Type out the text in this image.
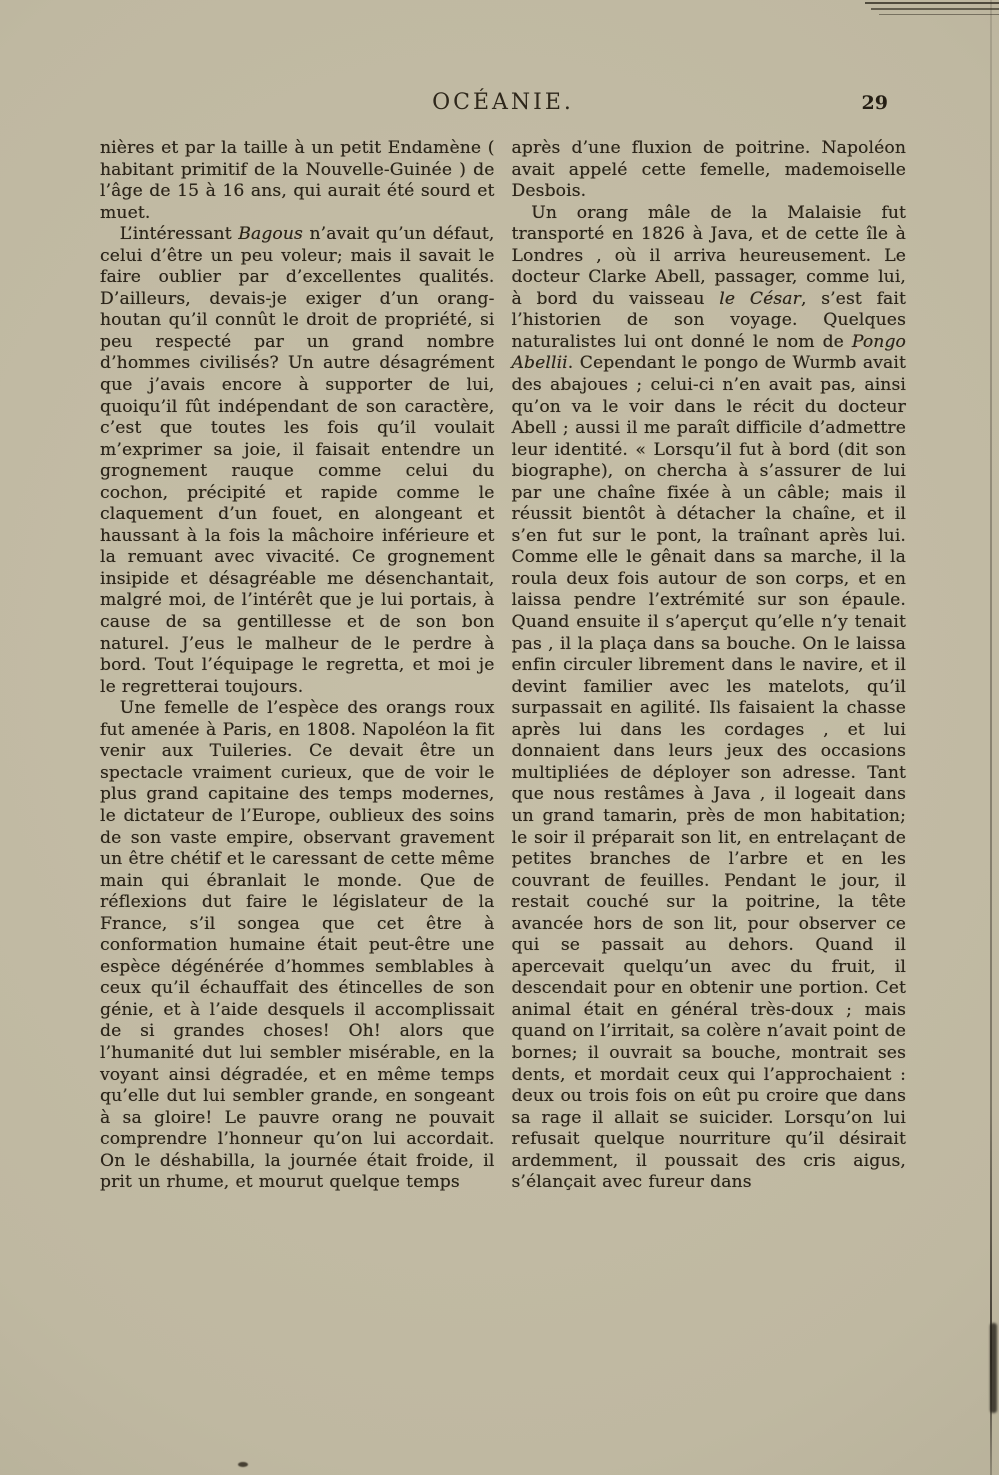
OCÉANIE.	29

nières et par la taille à un petit Endamène ( habitant primitif de la Nouvelle-Guinée ) de l’âge de 15 à 16 ans, qui aurait été sourd et muet.

L’intéressant Bagous n’avait qu’un défaut, celui d’être un peu voleur; mais il savait le faire oublier par d’excellentes qualités. D’ailleurs, devais-je exiger d’un orang-houtan qu’il connût le droit de propriété, si peu respecté par un grand nombre d’hommes civilisés? Un autre désagrément que j’avais encore à supporter de lui, quoiqu’il fût indépendant de son caractère, c’est que toutes les fois qu’il voulait m’exprimer sa joie, il faisait entendre un grognement rauque comme celui du cochon, précipité et rapide comme le claquement d’un fouet, en alongeant et haussant à la fois la mâchoire inférieure et la remuant avec vivacité. Ce grognement insipide et désagréable me désenchantait, malgré moi, de l’intérêt que je lui portais, à cause de sa gentillesse et de son bon naturel. J’eus le malheur de le perdre à bord. Tout l’équipage le regretta, et moi je le regretterai toujours.

Une femelle de l’espèce des orangs roux fut amenée à Paris, en 1808. Napoléon la fit venir aux Tuileries. Ce devait être un spectacle vraiment curieux, que de voir le plus grand capitaine des temps modernes, le dictateur de l’Europe, oublieux des soins de son vaste empire, observant gravement un être chétif et le caressant de cette même main qui ébranlait le monde. Que de réflexions dut faire le législateur de la France, s’il songea que cet être à conformation humaine était peut-être une espèce dégénérée d’hommes semblables à ceux qu’il échauffait des étincelles de son génie, et à l’aide desquels il accomplissait de si grandes choses! Oh! alors que l’humanité dut lui sembler misérable, en la voyant ainsi dégradée, et en même temps qu’elle dut lui sembler grande, en songeant à sa gloire! Le pauvre orang ne pouvait comprendre l’honneur qu’on lui accordait. On le déshabilla, la journée était froide, il prit un rhume, et mourut quelque temps

après d’une fluxion de poitrine. Napoléon avait appelé cette femelle, mademoiselle Desbois.

Un orang mâle de la Malaisie fut transporté en 1826 à Java, et de cette île à Londres , où il arriva heureusement. Le docteur Clarke Abell, passager, comme lui, à bord du vaisseau le César, s’est fait l’historien de son voyage. Quelques naturalistes lui ont donné le nom de Pongo Abellii. Cependant le pongo de Wurmb avait des abajoues ; celui-ci n’en avait pas, ainsi qu’on va le voir dans le récit du docteur Abell ; aussi il me paraît difficile d’admettre leur identité. « Lorsqu’il fut à bord (dit son biographe), on chercha à s’assurer de lui par une chaîne fixée à un câble; mais il réussit bientôt à détacher la chaîne, et il s’en fut sur le pont, la traînant après lui. Comme elle le gênait dans sa marche, il la roula deux fois autour de son corps, et en laissa pendre l’extrémité sur son épaule. Quand ensuite il s’aperçut qu’elle n’y tenait pas , il la plaça dans sa bouche. On le laissa enfin circuler librement dans le navire, et il devint familier avec les matelots, qu’il surpassait en agilité. Ils faisaient la chasse après lui dans les cordages , et lui donnaient dans leurs jeux des occasions multipliées de déployer son adresse. Tant que nous restâmes à Java , il logeait dans un grand tamarin, près de mon habitation; le soir il préparait son lit, en entrelaçant de petites branches de l’arbre et en les couvrant de feuilles. Pendant le jour, il restait couché sur la poitrine, la tête avancée hors de son lit, pour observer ce qui se passait au dehors. Quand il apercevait quelqu’un avec du fruit, il descendait pour en obtenir une portion. Cet animal était en général très-doux ; mais quand on l’irritait, sa colère n’avait point de bornes; il ouvrait sa bouche, montrait ses dents, et mordait ceux qui l’approchaient : deux ou trois fois on eût pu croire que dans sa rage il allait se suicider. Lorsqu’on lui refusait quelque nourriture qu’il désirait ardemment, il poussait des cris aigus, s’élançait avec fureur dans
